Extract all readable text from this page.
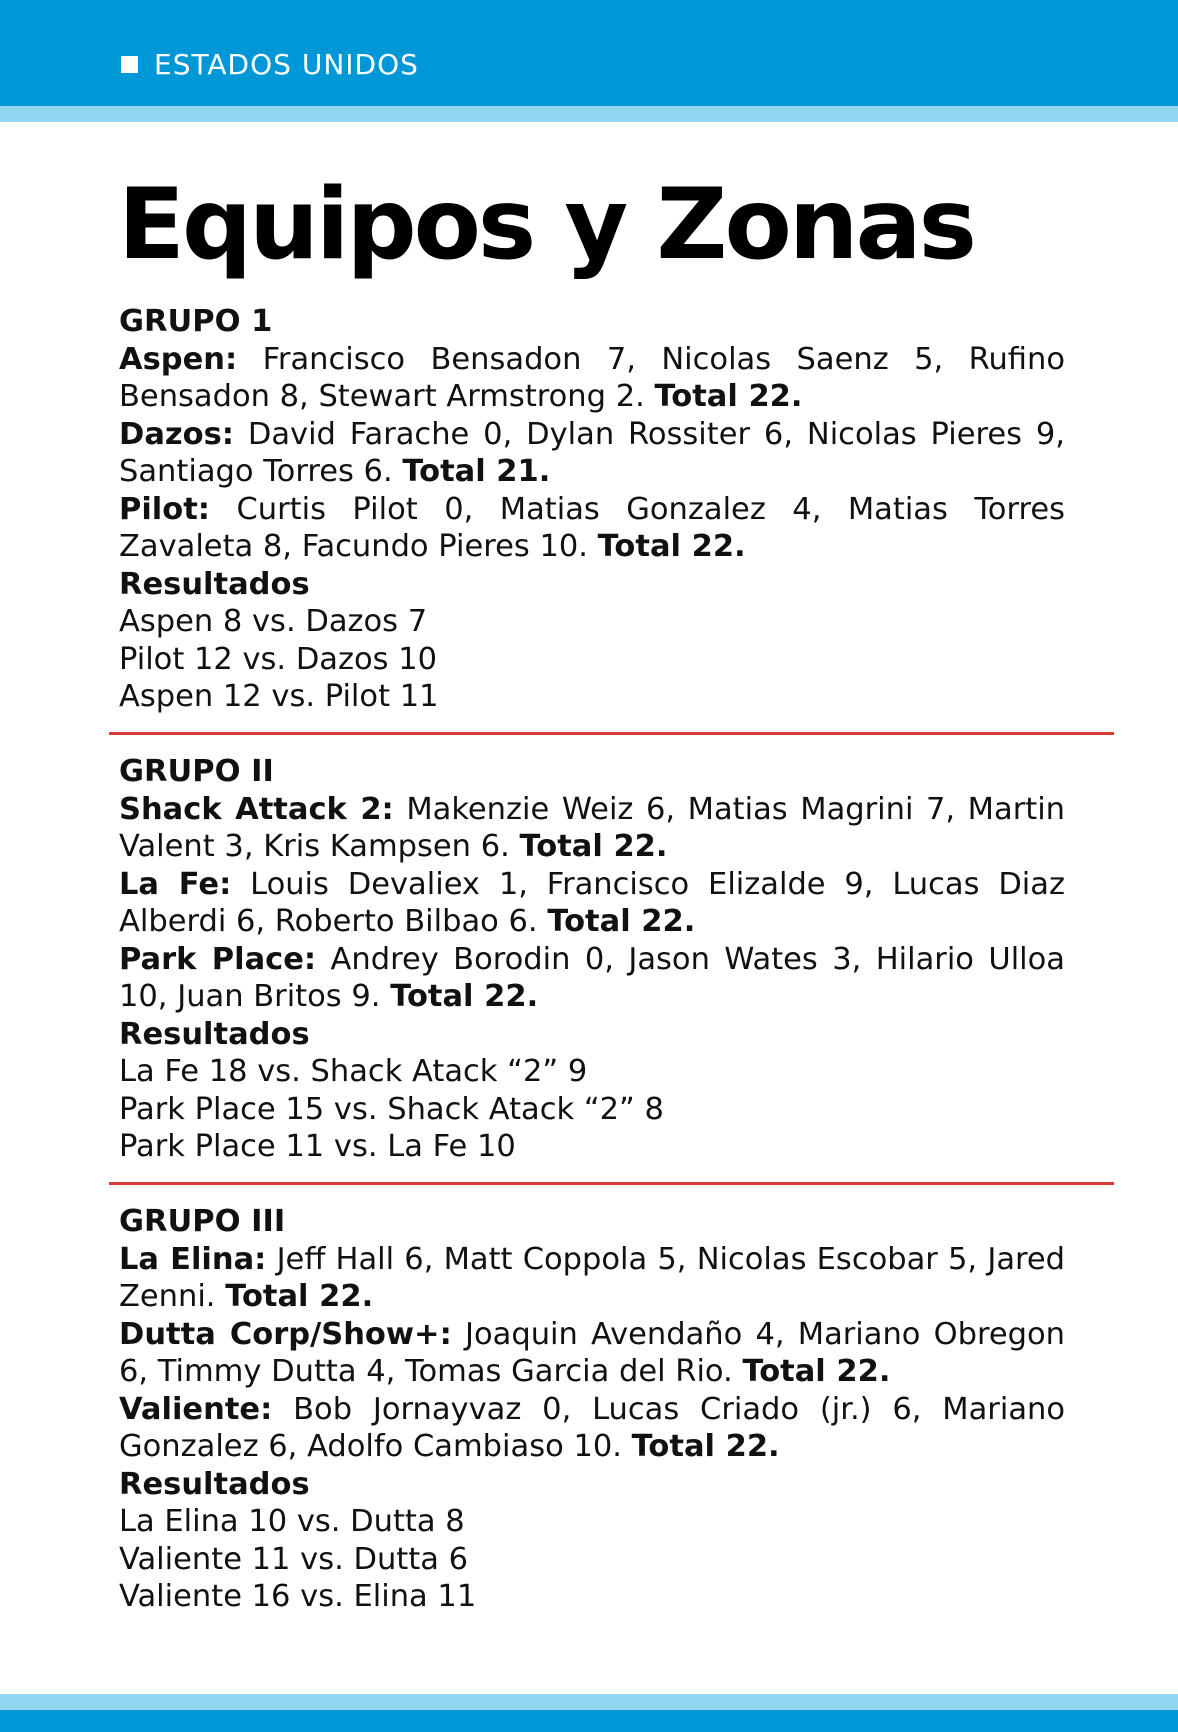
ESTADOS UNIDOS
Equipos y Zonas

GRUPO 1

Aspen: Francisco Bensadon 7, Nicolas Saenz 5, Rufino Bensadon 8, Stewart Armstrong 2. Total 22.

Dazos: David Farache 0, Dylan Rossiter 6, Nicolas Pieres 9, Santiago Torres 6. Total 21.

Pilot: Curtis Pilot 0, Matias Gonzalez 4, Matias Torres Zavaleta 8, Facundo Pieres 10. Total 22.

Resultados

Aspen 8 vs. Dazos 7

Pilot 12 vs. Dazos 10

Aspen 12 vs. Pilot 11

GRUPO II

Shack Attack 2: Makenzie Weiz 6, Matias Magrini 7, Martin Valent 3, Kris Kampsen 6. Total 22.

La Fe: Louis Devaliex 1, Francisco Elizalde 9, Lucas Diaz Alberdi 6, Roberto Bilbao 6. Total 22.

Park Place: Andrey Borodin 0, Jason Wates 3, Hilario Ulloa 10, Juan Britos 9. Total 22.

Resultados

La Fe 18 vs. Shack Atack “2” 9

Park Place 15 vs. Shack Atack “2” 8

Park Place 11 vs. La Fe 10

GRUPO III

La Elina: Jeff Hall 6, Matt Coppola 5, Nicolas Escobar 5, Jared Zenni. Total 22.

Dutta Corp/Show+: Joaquin Avendaño 4, Mariano Obregon 6, Timmy Dutta 4, Tomas Garcia del Rio. Total 22.

Valiente: Bob Jornayvaz 0, Lucas Criado (jr.) 6, Mariano Gonzalez 6, Adolfo Cambiaso 10. Total 22.

Resultados

La Elina 10 vs. Dutta 8

Valiente 11 vs. Dutta 6

Valiente 16 vs. Elina 11
